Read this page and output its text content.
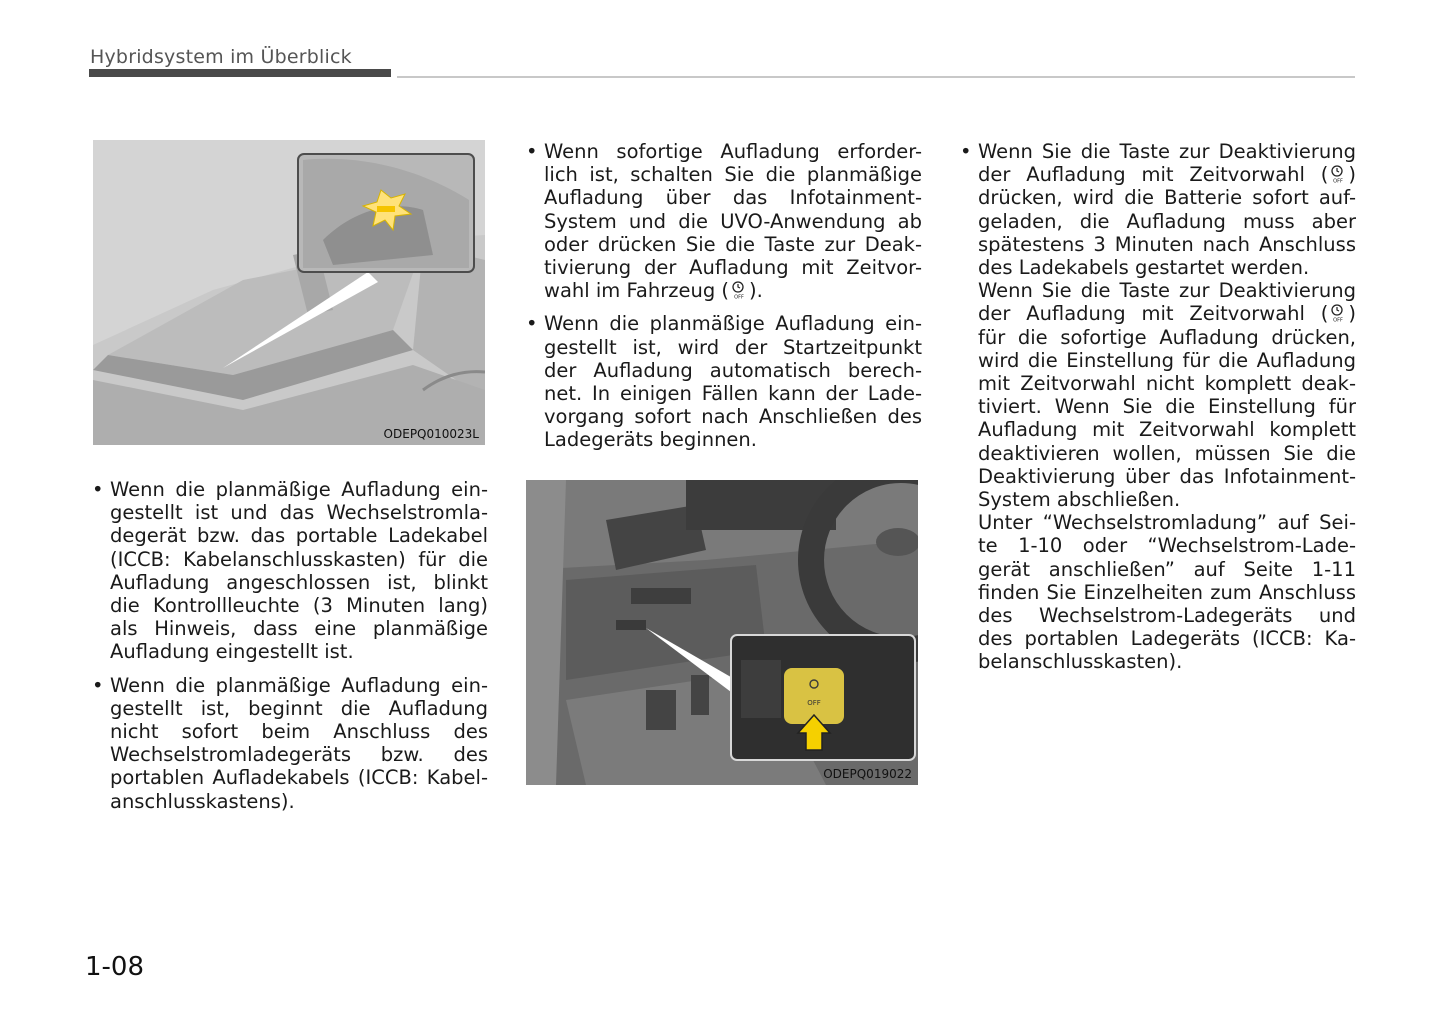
Hybridsystem im Überblick
ODEPQ010023L
OFF
ODEPQ019022
• Wenn die planmäßige Aufladung ein-
gestellt ist und das Wechselstromla-
degerät bzw. das portable Ladekabel
(ICCB: Kabelanschlusskasten) für die
Aufladung angeschlossen ist, blinkt
die Kontrollleuchte (3 Minuten lang)
als Hinweis, dass eine planmäßige
Aufladung eingestellt ist.
• Wenn die planmäßige Aufladung ein-
gestellt ist, beginnt die Aufladung
nicht sofort beim Anschluss des
Wechselstromladegeräts bzw. des
portablen Aufladekabels (ICCB: Kabel-
anschlusskastens).
• Wenn sofortige Aufladung erforder-
lich ist, schalten Sie die planmäßige
Aufladung über das Infotainment-
System und die UVO-Anwendung ab
oder drücken Sie die Taste zur Deak-
tivierung der Aufladung mit Zeitvor-
wahl im Fahrzeug ( OFF ).
• Wenn die planmäßige Aufladung ein-
gestellt ist, wird der Startzeitpunkt
der Aufladung automatisch berech-
net. In einigen Fällen kann der Lade-
vorgang sofort nach Anschließen des
Ladegeräts beginnen.
• Wenn Sie die Taste zur Deaktivierung
der Aufladung mit Zeitvorwahl ( OFF )
drücken, wird die Batterie sofort auf-
geladen, die Aufladung muss aber
spätestens 3 Minuten nach Anschluss
des Ladekabels gestartet werden.
Wenn Sie die Taste zur Deaktivierung
der Aufladung mit Zeitvorwahl ( OFF )
für die sofortige Aufladung drücken,
wird die Einstellung für die Aufladung
mit Zeitvorwahl nicht komplett deak-
tiviert. Wenn Sie die Einstellung für
Aufladung mit Zeitvorwahl komplett
deaktivieren wollen, müssen Sie die
Deaktivierung über das Infotainment-
System abschließen.
Unter “Wechselstromladung” auf Sei-
te 1-10 oder “Wechselstrom-Lade-
gerät anschließen” auf Seite 1-11
finden Sie Einzelheiten zum Anschluss
des Wechselstrom-Ladegeräts und
des portablen Ladegeräts (ICCB: Ka-
belanschlusskasten).
1-08
